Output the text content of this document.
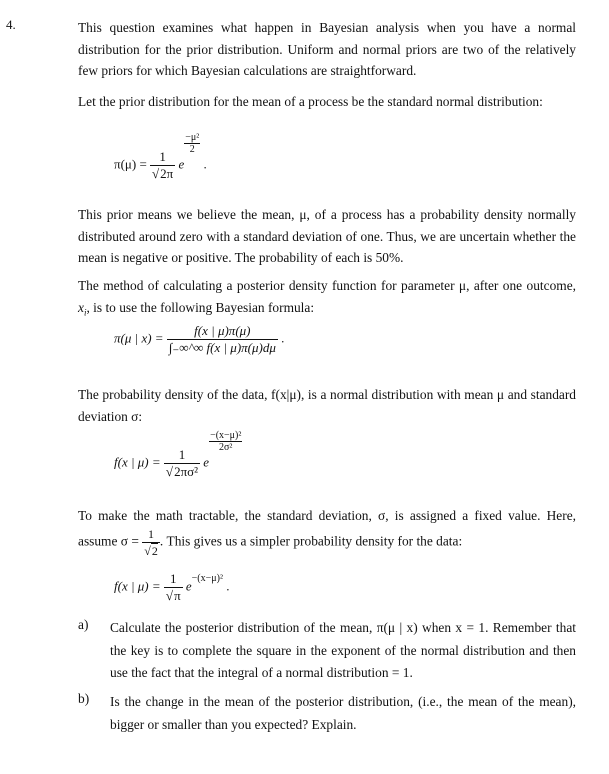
4.	This question examines what happen in Bayesian analysis when you have a normal distribution for the prior distribution. Uniform and normal priors are two of the relatively few priors for which Bayesian calculations are straightforward.
Let the prior distribution for the mean of a process be the standard normal distribution:
$\pi(\mu) = \frac{1}{√2\pi}$ e
$\frac{\text{−μ²}}{2}$
.
This prior means we believe the mean, μ, of a process has a probability density normally distributed around zero with a standard deviation of one. Thus, we are uncertain whether the mean is negative or positive. The probability of each is 50%.
The method of calculating a posterior density function for parameter μ, after one outcome, $x_i$, is to use the following Bayesian formula:
π(μ | $x) = \frac{f(x | \mu)\pi(\mu)}{\int_-\infty\^{}\infty f(x | \mu)\pi(\mu)d\mu}$ .
The probability density of the data, f(x|μ), is a normal distribution with mean μ and standard deviation σ:
f(x | $\mu) = \frac{1}{\text{√2πσ²}}$ e
$\frac{\text{−(x−μ)²}}{\text{2σ²}}$
To make the math tractable, the standard deviation, σ, is assigned a fixed value. Here, assume $\sigma = \frac{1}{√2}$ . This gives us a simpler probability density for the data:
f(x | $\mu) = \frac{1}{√\pi} e^{-(x-\mu)^2}$ .
a) Calculate the posterior distribution of the mean, π(μ | x) when x = 1. Remember that the key is to complete the square in the exponent of the normal distribution and then use the fact that the integral of a normal distribution = 1.
b) Is the change in the mean of the posterior distribution, (i.e., the mean of the mean), bigger or smaller than you expected? Explain.
